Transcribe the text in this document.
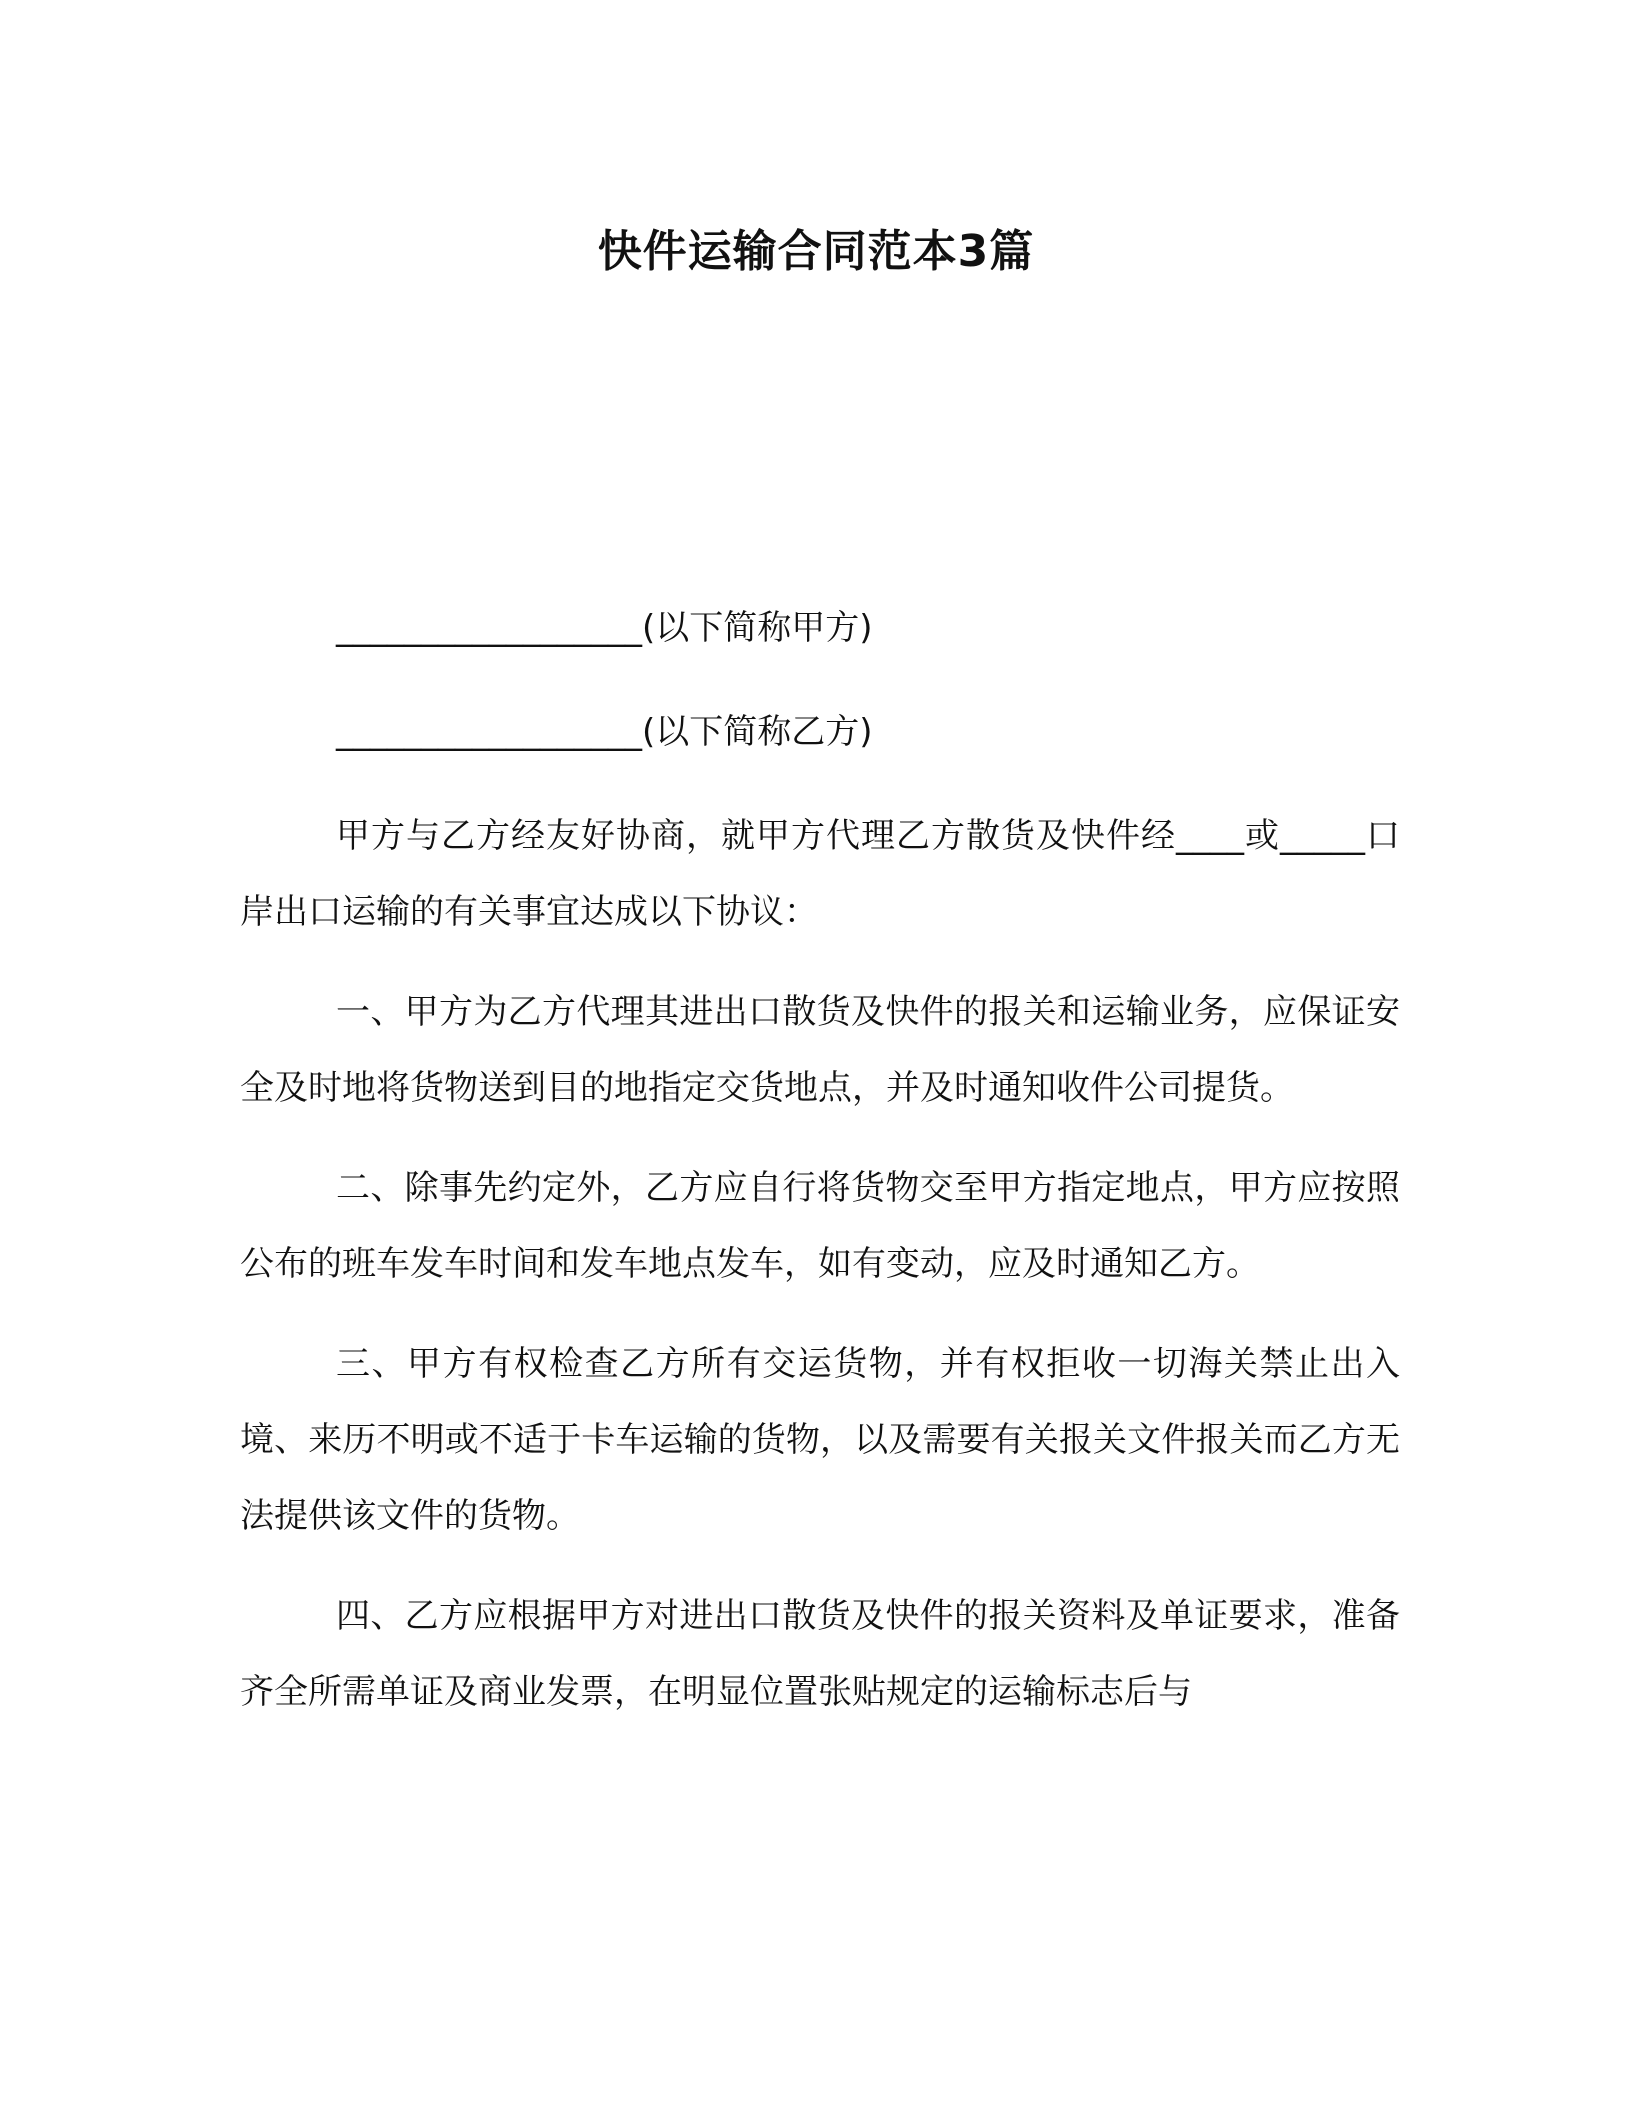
快件运输合同范本3篇

__________________(以下简称甲方)

__________________(以下简称乙方)

甲方与乙方经友好协商，就甲方代理乙方散货及快件经____或_____口岸出口运输的有关事宜达成以下协议：

一、甲方为乙方代理其进出口散货及快件的报关和运输业务，应保证安全及时地将货物送到目的地指定交货地点，并及时通知收件公司提货。

二、除事先约定外，乙方应自行将货物交至甲方指定地点，甲方应按照公布的班车发车时间和发车地点发车，如有变动，应及时通知乙方。

三、甲方有权检查乙方所有交运货物，并有权拒收一切海关禁止出入境、来历不明或不适于卡车运输的货物，以及需要有关报关文件报关而乙方无法提供该文件的货物。

四、乙方应根据甲方对进出口散货及快件的报关资料及单证要求，准备齐全所需单证及商业发票，在明显位置张贴规定的运输标志后与
